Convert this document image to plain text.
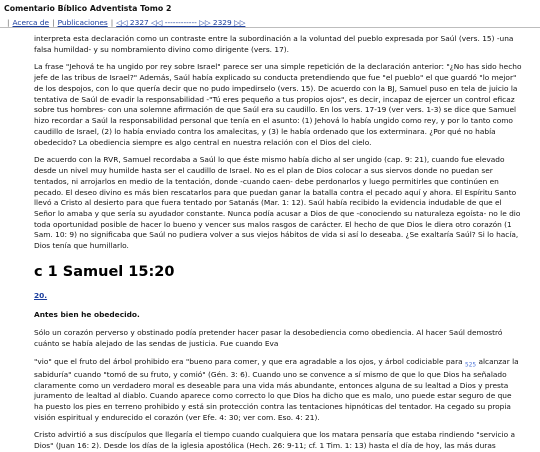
Comentario Bíblico Adventista Tomo 2
| Acerca de | Publicaciones | ◁◁ 2327 ◁◁ ------------ ▷▷ 2329 ▷▷

interpreta esta declaración como un contraste entre la subordinación a la voluntad del pueblo expresada por Saúl (vers. 15) -una falsa humildad- y su nombramiento divino como dirigente (vers. 17).

La frase "Jehová te ha ungido por rey sobre Israel" parece ser una simple repetición de la declaración anterior: "¿No has sido hecho jefe de las tribus de Israel?" Además, Saúl había explicado su conducta pretendiendo que fue "el pueblo" el que guardó "lo mejor" de los despojos, con lo que quería decir que no pudo impedirselo (vers. 15). De acuerdo con la BJ, Samuel puso en tela de juicio la tentativa de Saúl de evadir la responsabilidad -"Tú eres pequeño a tus propios ojos", es decir, incapaz de ejercer un control eficaz sobre tus hombres- con una solemne afirmación de que Saúl era su caudillo. En los vers. 17-19 (ver vers. 1-3) se dice que Samuel hizo recordar a Saúl la responsabilidad personal que tenía en el asunto: (1) Jehová lo había ungido como rey, y por lo tanto como caudillo de Israel, (2) lo había enviado contra los amalecitas, y (3) le había ordenado que los exterminara. ¿Por qué no había obedecido? La obediencia siempre es algo central en nuestra relación con el Dios del cielo.

De acuerdo con la RVR, Samuel recordaba a Saúl lo que éste mismo había dicho al ser ungido (cap. 9: 21), cuando fue elevado desde un nivel muy humilde hasta ser el caudillo de Israel. No es el plan de Dios colocar a sus siervos donde no puedan ser tentados, ni arrojarlos en medio de la tentación, donde -cuando caen- debe perdonarlos y luego permitirles que continúen en pecado. El deseo divino es más bien rescatarlos para que puedan ganar la batalla contra el pecado aquí y ahora. El Espíritu Santo llevó a Cristo al desierto para que fuera tentado por Satanás (Mar. 1: 12). Saúl había recibido la evidencia indudable de que el Señor lo amaba y que sería su ayudador constante. Nunca podía acusar a Dios de que -conociendo su naturaleza egoísta- no le dio toda oportunidad posible de hacer lo bueno y vencer sus malos rasgos de carácter. El hecho de que Dios le diera otro corazón (1 Sam. 10: 9) no significaba que Saúl no pudiera volver a sus viejos hábitos de vida si así lo deseaba. ¿Se exaltaría Saúl? Si lo hacía, Dios tenía que humillarlo.

c 1 Samuel 15:20
20.
Antes bien he obedecido.

Sólo un corazón perverso y obstinado podía pretender hacer pasar la desobediencia como obediencia. Al hacer Saúl demostró cuánto se había alejado de las sendas de justicia. Fue cuando Eva

"vio" que el fruto del árbol prohibido era "bueno para comer, y que era agradable a los ojos, y árbol codiciable para $_{525}$ alcanzar la sabiduría" cuando "tomó de su fruto, y comió" (Gén. 3: 6). Cuando uno se convence a sí mismo de que lo que Dios ha señalado claramente como un verdadero moral es deseable para una vida más abundante, entonces alguna de su lealtad a Dios y presta juramento de lealtad al diablo. Cuando aparece como correcto lo que Dios ha dicho que es malo, uno puede estar seguro de que ha puesto los pies en terreno prohibido y está sin protección contra las tentaciones hipnóticas del tentador. Ha cegado su propia visión espiritual y endurecido el corazón (ver Efe. 4: 30; ver com. Eso. 4: 21).

Cristo advirtió a sus discípulos que llegaría el tiempo cuando cualquiera que los matara pensaría que estaba rindiendo "servicio a Dios" (Juan 16: 2). Desde los días de la iglesia apostólica (Hech. 26: 9-11; cf. 1 Tim. 1: 13) hasta el día de hoy, las más duras
